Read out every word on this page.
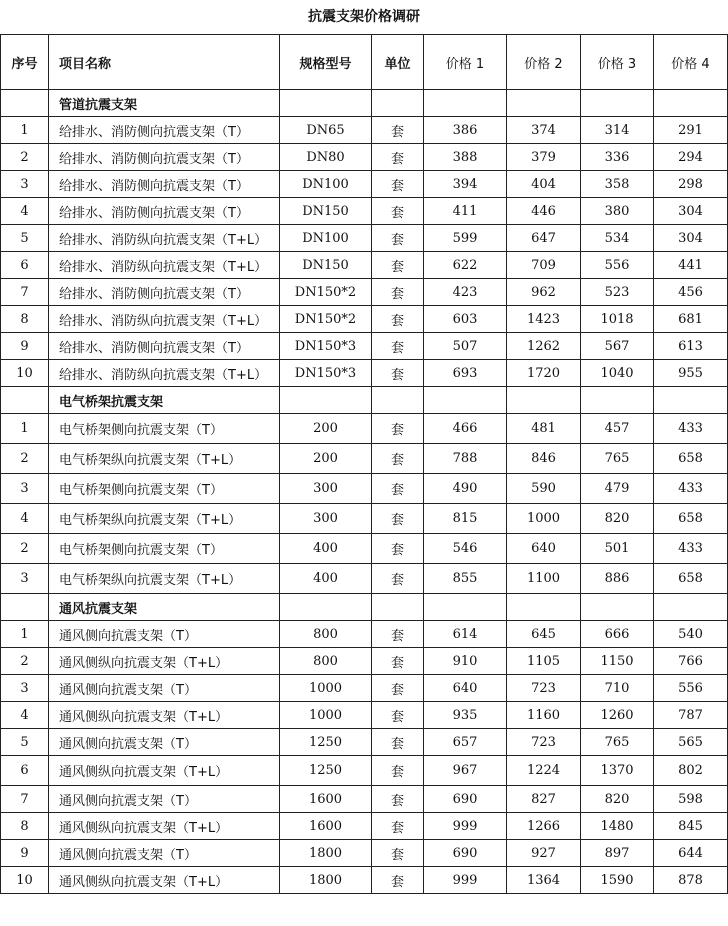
抗震支架价格调研
序号	项目名称	规格型号	单位	价格 1	价格 2	价格 3	价格 4
	管道抗震支架						
1	给排水、消防侧向抗震支架（T）	DN65	套	386	374	314	291
2	给排水、消防侧向抗震支架（T）	DN80	套	388	379	336	294
3	给排水、消防侧向抗震支架（T）	DN100	套	394	404	358	298
4	给排水、消防侧向抗震支架（T）	DN150	套	411	446	380	304
5	给排水、消防纵向抗震支架（T+L）	DN100	套	599	647	534	304
6	给排水、消防纵向抗震支架（T+L）	DN150	套	622	709	556	441
7	给排水、消防侧向抗震支架（T）	DN150*2	套	423	962	523	456
8	给排水、消防纵向抗震支架（T+L）	DN150*2	套	603	1423	1018	681
9	给排水、消防侧向抗震支架（T）	DN150*3	套	507	1262	567	613
10	给排水、消防纵向抗震支架（T+L）	DN150*3	套	693	1720	1040	955
	电气桥架抗震支架						
1	电气桥架侧向抗震支架（T）	200	套	466	481	457	433
2	电气桥架纵向抗震支架（T+L）	200	套	788	846	765	658
3	电气桥架侧向抗震支架（T）	300	套	490	590	479	433
4	电气桥架纵向抗震支架（T+L）	300	套	815	1000	820	658
2	电气桥架侧向抗震支架（T）	400	套	546	640	501	433
3	电气桥架纵向抗震支架（T+L）	400	套	855	1100	886	658
	通风抗震支架						
1	通风侧向抗震支架（T）	800	套	614	645	666	540
2	通风侧纵向抗震支架（T+L）	800	套	910	1105	1150	766
3	通风侧向抗震支架（T）	1000	套	640	723	710	556
4	通风侧纵向抗震支架（T+L）	1000	套	935	1160	1260	787
5	通风侧向抗震支架（T）	1250	套	657	723	765	565
6	通风侧纵向抗震支架（T+L）	1250	套	967	1224	1370	802
7	通风侧向抗震支架（T）	1600	套	690	827	820	598
8	通风侧纵向抗震支架（T+L）	1600	套	999	1266	1480	845
9	通风侧向抗震支架（T）	1800	套	690	927	897	644
10	通风侧纵向抗震支架（T+L）	1800	套	999	1364	1590	878
